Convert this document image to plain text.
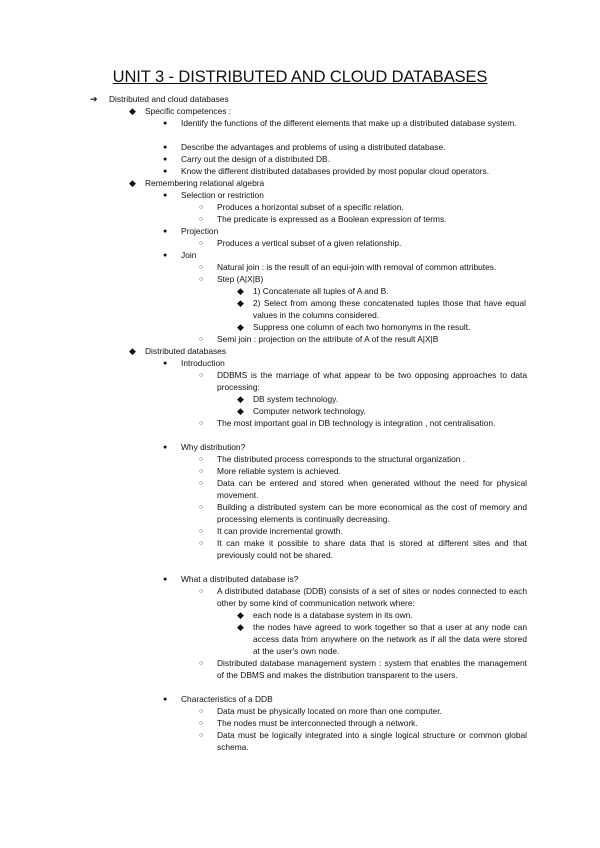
UNIT 3 - DISTRIBUTED AND CLOUD DATABASES
➔ Distributed and cloud databases
◆ Specific competences :
● Identify the functions of the different elements that make up a distributed database system.
● Describe the advantages and problems of using a distributed database.
● Carry out the design of a distributed DB.
● Know the different distributed databases provided by most popular cloud operators.
◆ Remembering relational algebra
● Selection or restriction
○ Produces a horizontal subset of a specific relation.
○ The predicate is expressed as a Boolean expression of terms.
● Projection
○ Produces a vertical subset of a given relationship.
● Join
○ Natural join : is the result of an equi-join with removal of common attributes.
○ Step (A|X|B)
◆ 1) Concatenate all tuples of A and B.
◆ 2) Select from among these concatenated tuples those that have equal values in the columns considered.
◆ Suppress one column of each two homonyms in the result.
○ Semi join : projection on the attribute of A of the result A|X|B
◆ Distributed databases
● Introduction
○ DDBMS is the marriage of what appear to be two opposing approaches to data processing:
◆ DB system technology.
◆ Computer network technology.
○ The most important goal in DB technology is integration , not centralisation.
● Why distribution?
○ The distributed process corresponds to the structural organization .
○ More reliable system is achieved.
○ Data can be entered and stored when generated without the need for physical movement.
○ Building a distributed system can be more economical as the cost of memory and processing elements is continually decreasing.
○ It can provide incremental growth.
○ It can make it possible to share data that is stored at different sites and that previously could not be shared.
● What a distributed database is?
○ A distributed database (DDB) consists of a set of sites or nodes connected to each other by some kind of communication network where:
◆ each node is a database system in its own.
◆ the nodes have agreed to work together so that a user at any node can access data from anywhere on the network as if all the data were stored at the user's own node.
○ Distributed database management system : system that enables the management of the DBMS and makes the distribution transparent to the users.
● Characteristics of a DDB
○ Data must be physically located on more than one computer.
○ The nodes must be interconnected through a network.
○ Data must be logically integrated into a single logical structure or common global schema.
